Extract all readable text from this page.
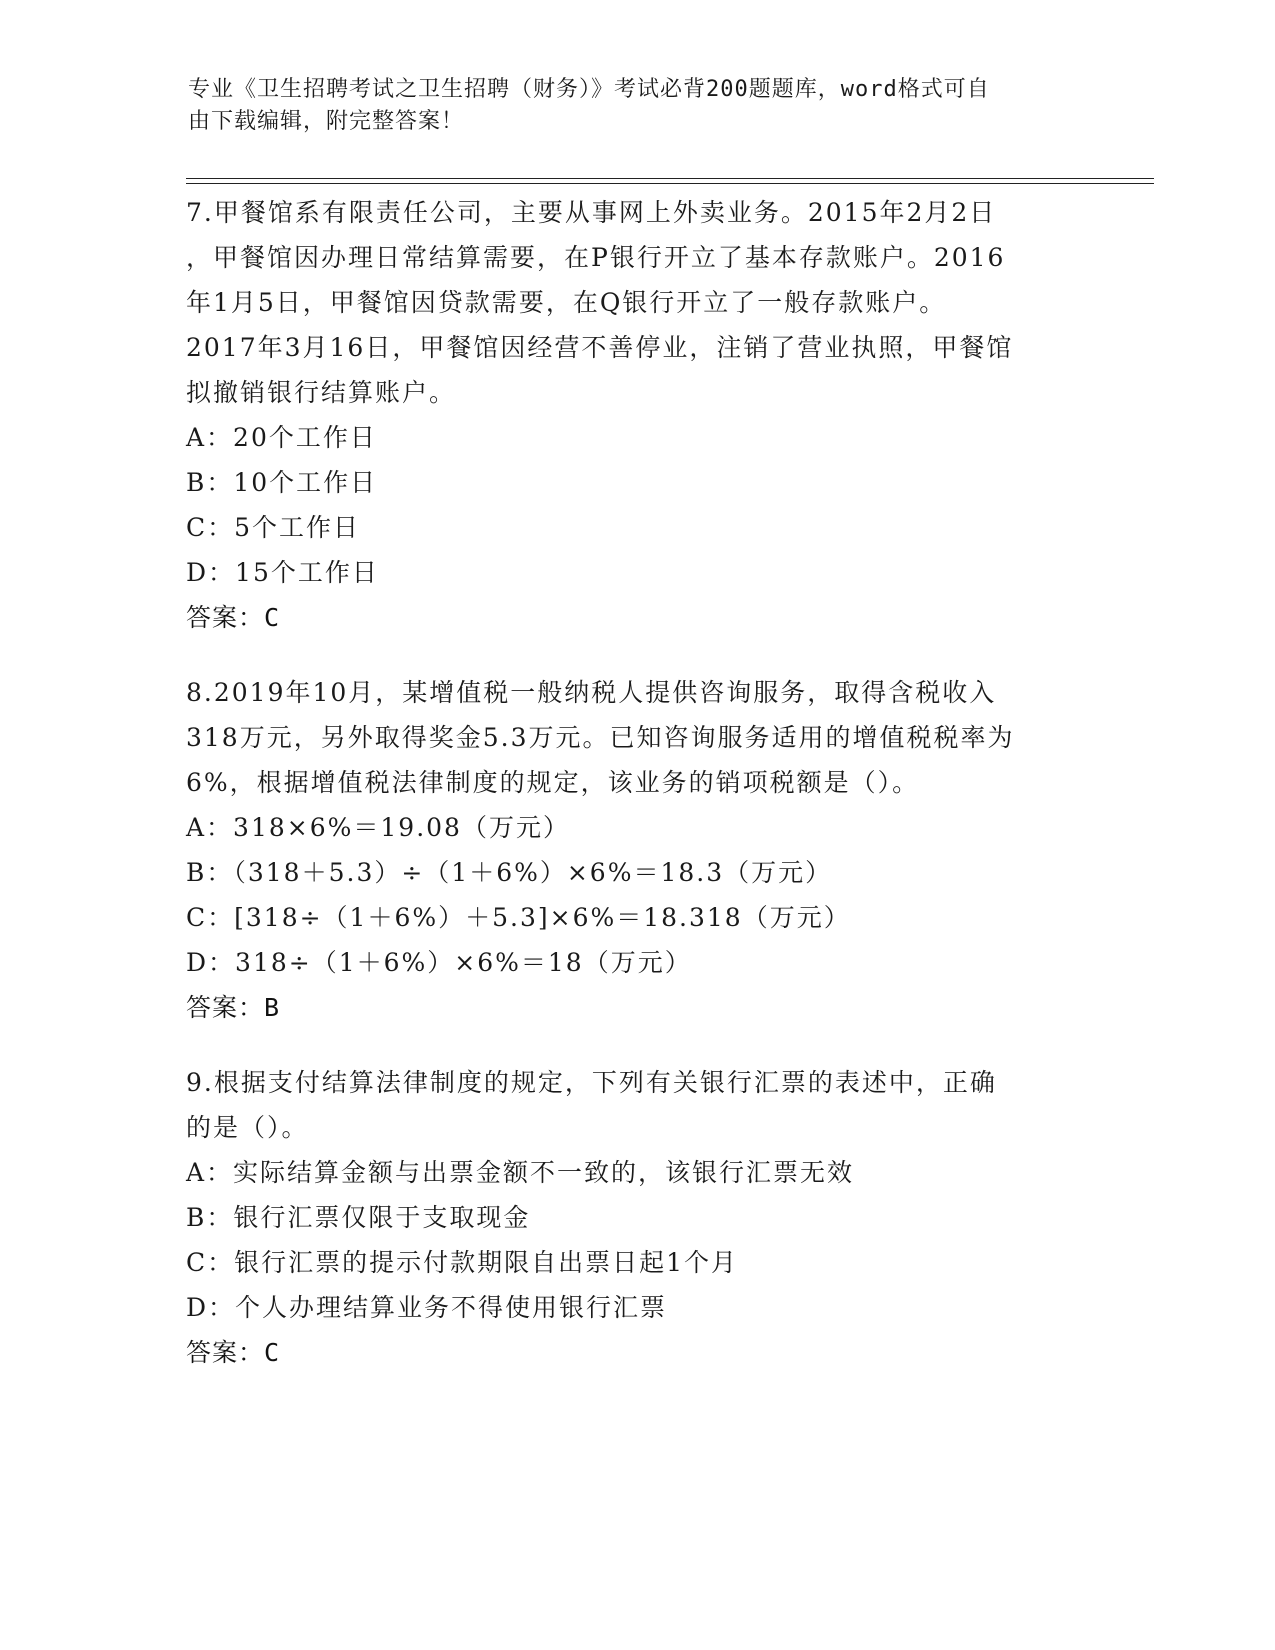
专业《卫生招聘考试之卫生招聘（财务）》考试必背200题题库，word格式可自
由下载编辑，附完整答案！
7.甲餐馆系有限责任公司，主要从事网上外卖业务。2015年2月2日
，甲餐馆因办理日常结算需要，在P银行开立了基本存款账户。2016
年1月5日，甲餐馆因贷款需要，在Q银行开立了一般存款账户。
2017年3月16日，甲餐馆因经营不善停业，注销了营业执照，甲餐馆
拟撤销银行结算账户。
A：20个工作日
B：10个工作日
C：5个工作日
D：15个工作日
答案：C
8.2019年10月，某增值税一般纳税人提供咨询服务，取得含税收入
318万元，另外取得奖金5.3万元。已知咨询服务适用的增值税税率为
6%，根据增值税法律制度的规定，该业务的销项税额是（）。
A：318×6%＝19.08（万元）
B：（318＋5.3）÷（1＋6%）×6%＝18.3（万元）
C：[318÷（1＋6%）＋5.3]×6%＝18.318（万元）
D：318÷（1＋6%）×6%＝18（万元）
答案：B
9.根据支付结算法律制度的规定，下列有关银行汇票的表述中，正确
的是（）。
A：实际结算金额与出票金额不一致的，该银行汇票无效
B：银行汇票仅限于支取现金
C：银行汇票的提示付款期限自出票日起1个月
D：个人办理结算业务不得使用银行汇票
答案：C
